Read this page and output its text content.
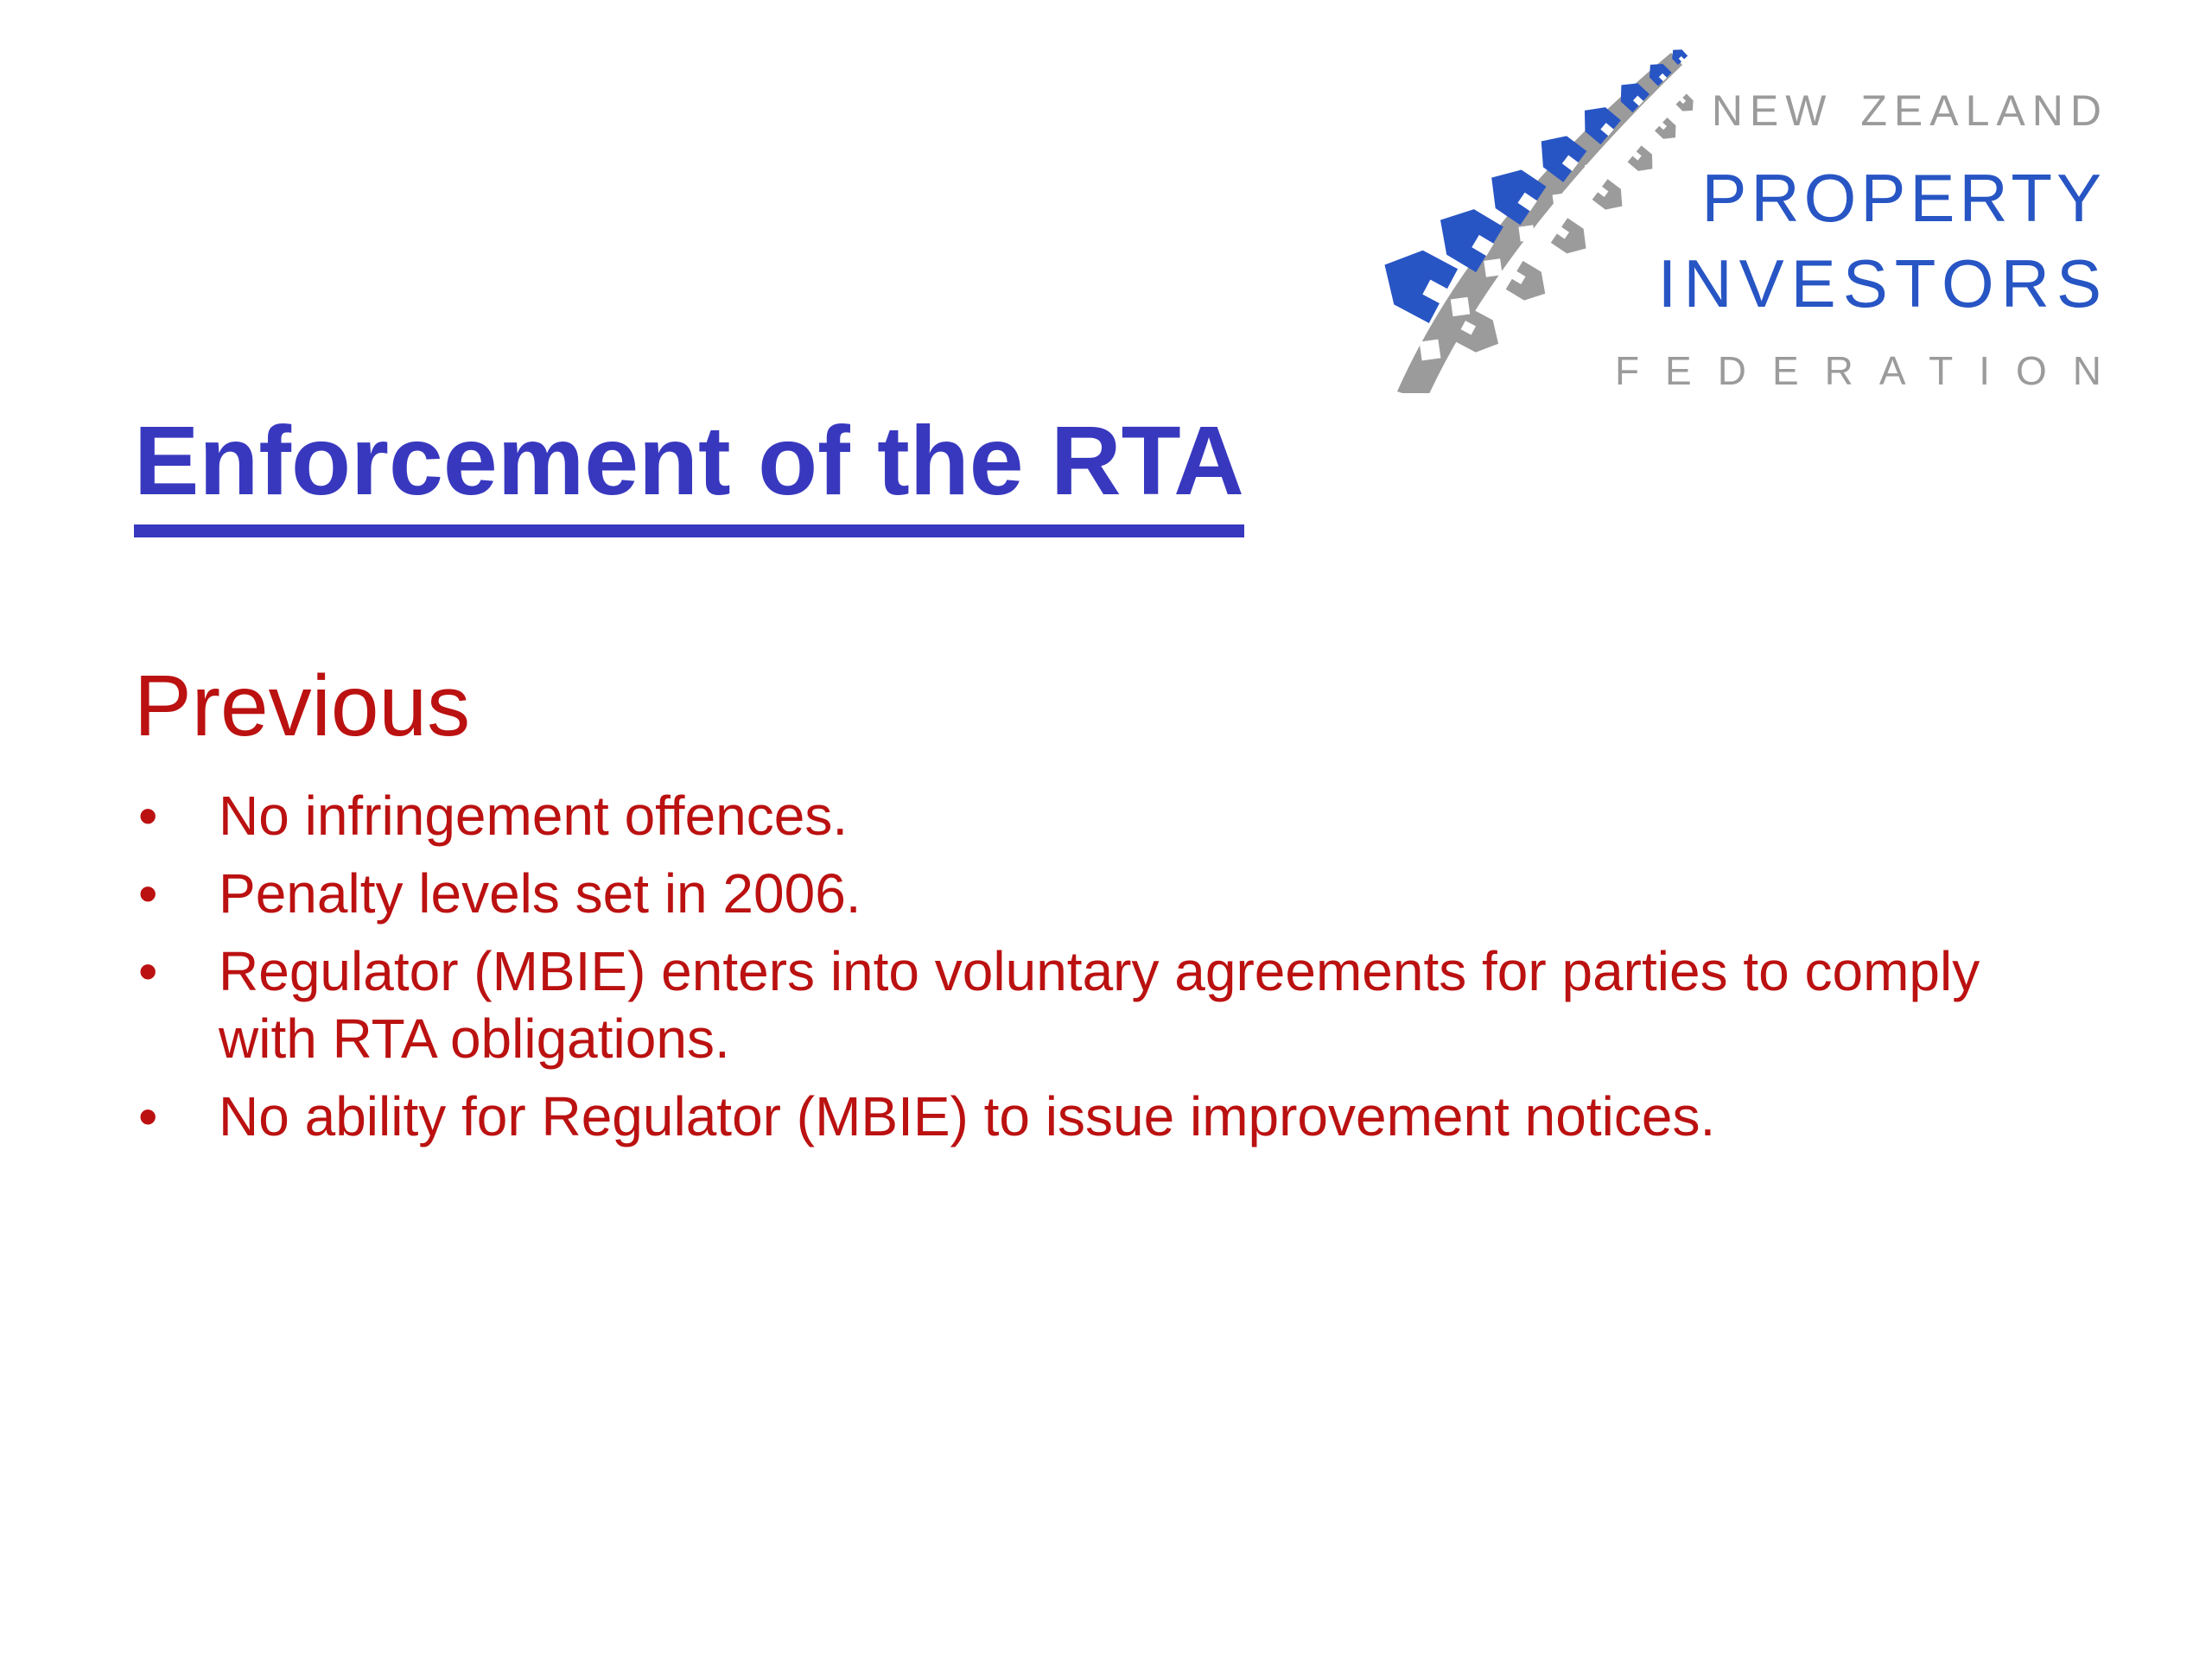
NEW ZEALAND
PROPERTY
INVESTORS
FEDERATION
Enforcement of the RTA
Previous
• No infringement offences.
• Penalty levels set in 2006.
• Regulator (MBIE) enters into voluntary agreements for parties to comply with RTA obligations.
• No ability for Regulator (MBIE) to issue improvement notices.
